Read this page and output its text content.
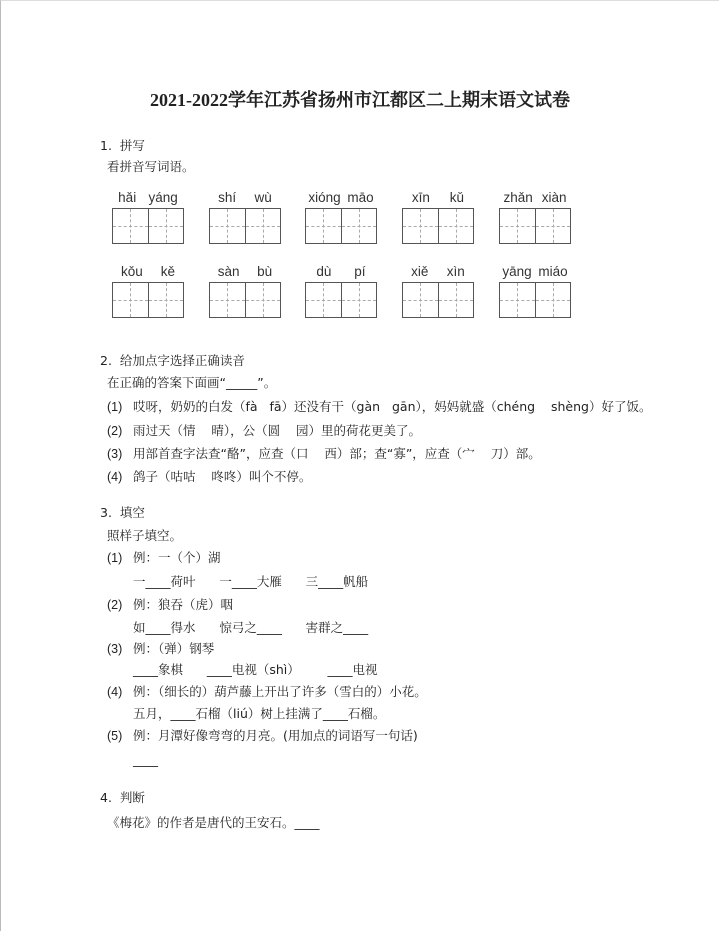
2021-2022学年江苏省扬州市江都区二上期末语文试卷
1.  拼写
看拼音写词语。
hǎi yáng	shí wù	xióng māo	xīn kǔ	zhǎn xiàn
kǒu kě	sàn bù	dù pí	xiě xìn	yāng miáo
2.  给加点字选择正确读音
在正确的答案下面画“_____”。
(1) 哎呀，奶奶的白发（fà   fā）还没有干（gàn   gān），妈妈就盛（chéng    shèng）好了饭。
(2) 雨过天（情    晴），公（圆    园）里的荷花更美了。
(3) 用部首查字法查“酪”，应查（口    西）部；查“寡”，应查（宀    刀）部。
(4) 鸽子（咕咕    咚咚）叫个不停。
3.  填空
照样子填空。
(1) 例：一（个）湖
一____荷叶      一____大雁      三____帆船
(2) 例：狼吞（虎）咽
如____得水      惊弓之____      害群之____
(3) 例：（弹）钢琴
____象棋      ____电视（shì）       ____电视
(4) 例：（细长的）葫芦藤上开出了许多（雪白的）小花。
五月，____石榴（liú）树上挂满了____石榴。
(5) 例：月潭好像弯弯的月亮。(用加点的词语写一句话)
____
4.  判断
《梅花》的作者是唐代的王安石。____
